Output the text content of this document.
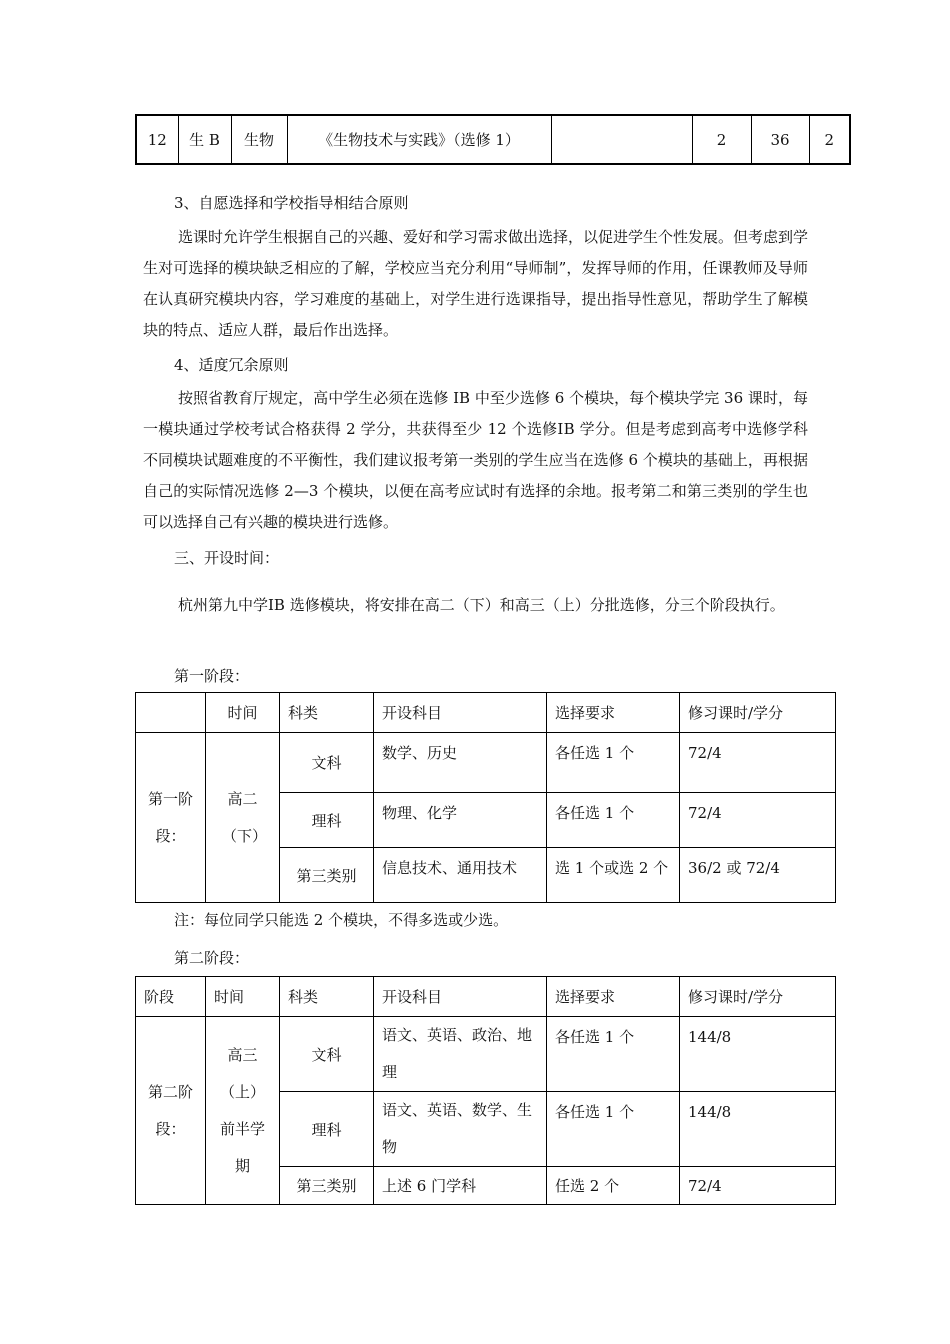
12	生 B	生物	《生物技术与实践》（选修 1）		2	36	2
3、自愿选择和学校指导相结合原则
选课时允许学生根据自己的兴趣、爱好和学习需求做出选择，以促进学生个性发展。但考虑到学生对可选择的模块缺乏相应的了解，学校应当充分利用“导师制”，发挥导师的作用，任课教师及导师在认真研究模块内容，学习难度的基础上，对学生进行选课指导，提出指导性意见，帮助学生了解模块的特点、适应人群，最后作出选择。
4、适度冗余原则
按照省教育厅规定，高中学生必须在选修 IB 中至少选修 6 个模块，每个模块学完 36 课时，每一模块通过学校考试合格获得 2 学分，共获得至少 12 个选修ⅠB 学分。但是考虑到高考中选修学科不同模块试题难度的不平衡性，我们建议报考第一类别的学生应当在选修 6 个模块的基础上，再根据自己的实际情况选修 2—3 个模块，以便在高考应试时有选择的余地。报考第二和第三类别的学生也可以选择自己有兴趣的模块进行选修。
三、开设时间：
杭州第九中学ⅠB 选修模块，将安排在高二（下）和高三（上）分批选修，分三个阶段执行。
第一阶段：
	时间	科类	开设科目	选择要求	修习课时/学分
第一阶段：	高二（下）	文科	数学、历史	各任选 1 个	72/4
		理科	物理、化学	各任选 1 个	72/4
		第三类别	信息技术、通用技术	选 1 个或选 2 个	36/2 或 72/4
注：每位同学只能选 2 个模块，不得多选或少选。
第二阶段：
阶段	时间	科类	开设科目	选择要求	修习课时/学分
第二阶段：	高三（上）前半学期	文科	语文、英语、政治、地理	各任选 1 个	144/8
		理科	语文、英语、数学、生物	各任选 1 个	144/8
		第三类别	上述 6 门学科	任选 2 个	72/4
